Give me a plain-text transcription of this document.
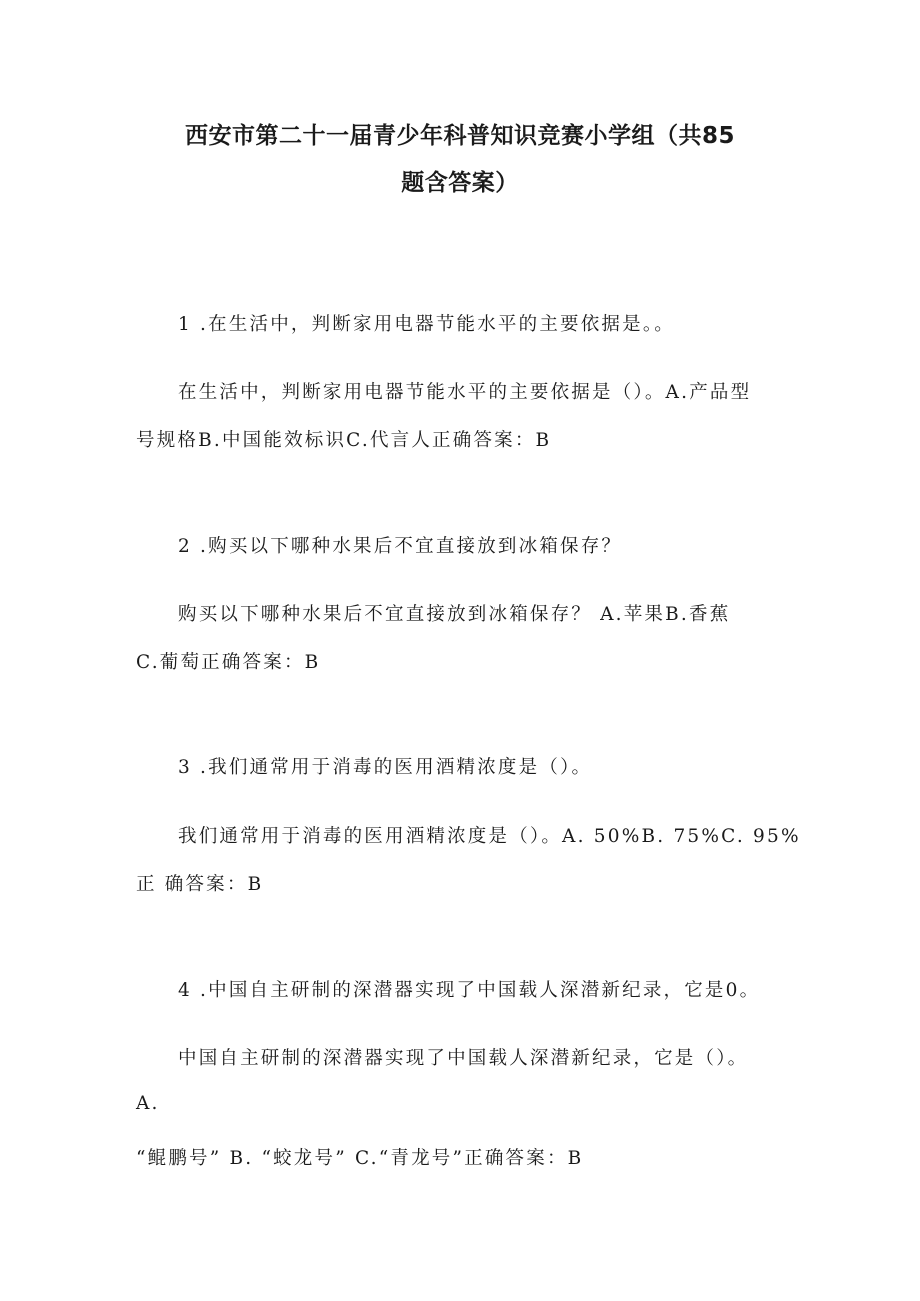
西安市第二十一届青少年科普知识竞赛小学组（共85
题含答案）

1 .在生活中，判断家用电器节能水平的主要依据是。。

在生活中，判断家用电器节能水平的主要依据是（）。A.产品型

号规格B.中国能效标识C.代言人正确答案：B

2 .购买以下哪种水果后不宜直接放到冰箱保存？

购买以下哪种水果后不宜直接放到冰箱保存？ A.苹果B.香蕉

C.葡萄正确答案：B

3 .我们通常用于消毒的医用酒精浓度是（）。

我们通常用于消毒的医用酒精浓度是（）。A. 50%B. 75%C. 95%

正 确答案：B

4 .中国自主研制的深潜器实现了中国载人深潜新纪录，它是0。

中国自主研制的深潜器实现了中国载人深潜新纪录，它是（）。

A.

“鲲鹏号” B. “蛟龙号” C.“青龙号”正确答案：B
